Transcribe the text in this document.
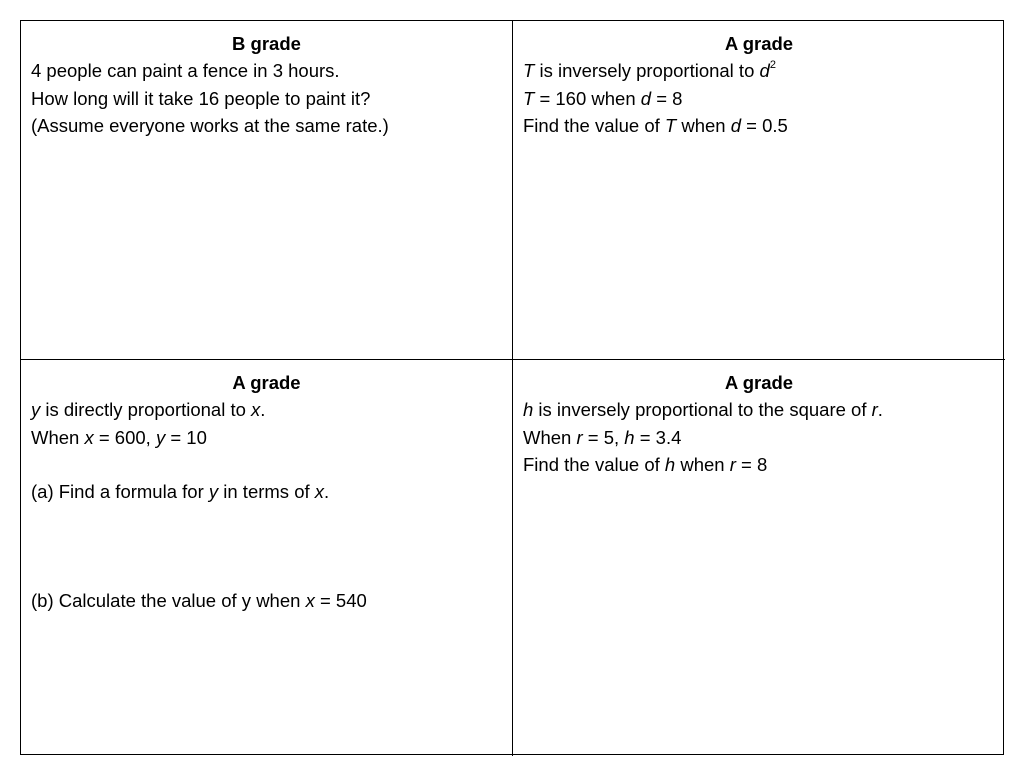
B grade
4 people can paint a fence in 3 hours.
How long will it take 16 people to paint it?
(Assume everyone works at the same rate.)
A grade
T is inversely proportional to $d^2$
T = 160 when d = 8
Find the value of T when d = 0.5
A grade
y is directly proportional to x.
When x = 600, y = 10
(a) Find a formula for y in terms of x.
(b) Calculate the value of y when x = 540
A grade
h is inversely proportional to the square of r.
When r = 5, h = 3.4
Find the value of h when r = 8
